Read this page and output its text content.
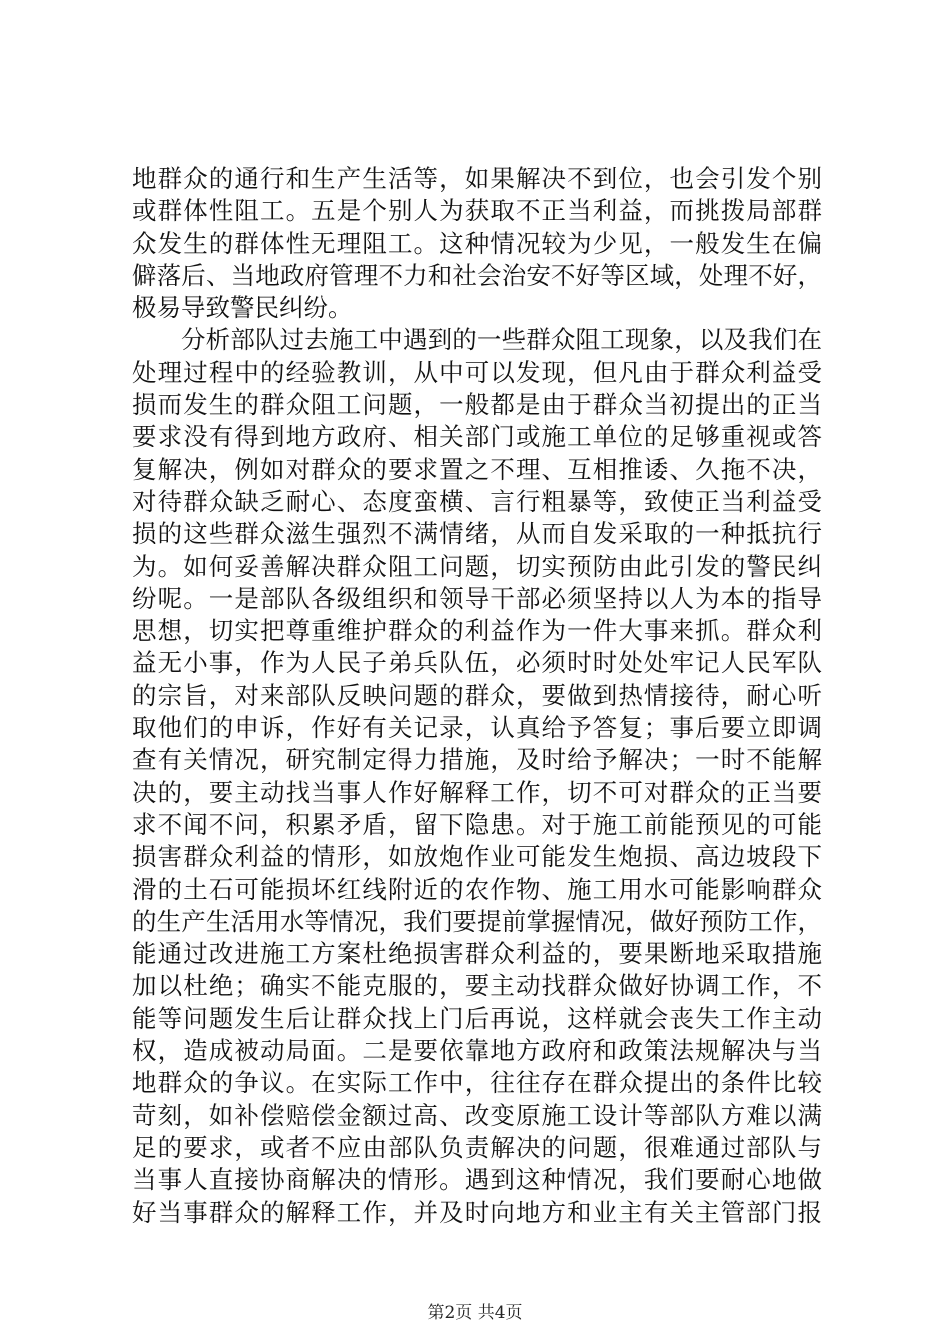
地群众的通行和生产生活等，如果解决不到位，也会引发个别
或群体性阻工。五是个别人为获取不正当利益，而挑拨局部群
众发生的群体性无理阻工。这种情况较为少见，一般发生在偏
僻落后、当地政府管理不力和社会治安不好等区域，处理不好，
极易导致警民纠纷。
分析部队过去施工中遇到的一些群众阻工现象，以及我们在
处理过程中的经验教训，从中可以发现，但凡由于群众利益受
损而发生的群众阻工问题，一般都是由于群众当初提出的正当
要求没有得到地方政府、相关部门或施工单位的足够重视或答
复解决，例如对群众的要求置之不理、互相推诿、久拖不决，
对待群众缺乏耐心、态度蛮横、言行粗暴等，致使正当利益受
损的这些群众滋生强烈不满情绪，从而自发采取的一种抵抗行
为。如何妥善解决群众阻工问题，切实预防由此引发的警民纠
纷呢。一是部队各级组织和领导干部必须坚持以人为本的指导
思想，切实把尊重维护群众的利益作为一件大事来抓。群众利
益无小事，作为人民子弟兵队伍，必须时时处处牢记人民军队
的宗旨，对来部队反映问题的群众，要做到热情接待，耐心听
取他们的申诉，作好有关记录，认真给予答复；事后要立即调
查有关情况，研究制定得力措施，及时给予解决；一时不能解
决的，要主动找当事人作好解释工作，切不可对群众的正当要
求不闻不问，积累矛盾，留下隐患。对于施工前能预见的可能
损害群众利益的情形，如放炮作业可能发生炮损、高边坡段下
滑的土石可能损坏红线附近的农作物、施工用水可能影响群众
的生产生活用水等情况，我们要提前掌握情况，做好预防工作，
能通过改进施工方案杜绝损害群众利益的，要果断地采取措施
加以杜绝；确实不能克服的，要主动找群众做好协调工作，不
能等问题发生后让群众找上门后再说，这样就会丧失工作主动
权，造成被动局面。二是要依靠地方政府和政策法规解决与当
地群众的争议。在实际工作中，往往存在群众提出的条件比较
苛刻，如补偿赔偿金额过高、改变原施工设计等部队方难以满
足的要求，或者不应由部队负责解决的问题，很难通过部队与
当事人直接协商解决的情形。遇到这种情况，我们要耐心地做
好当事群众的解释工作，并及时向地方和业主有关主管部门报
第2页 共4页
